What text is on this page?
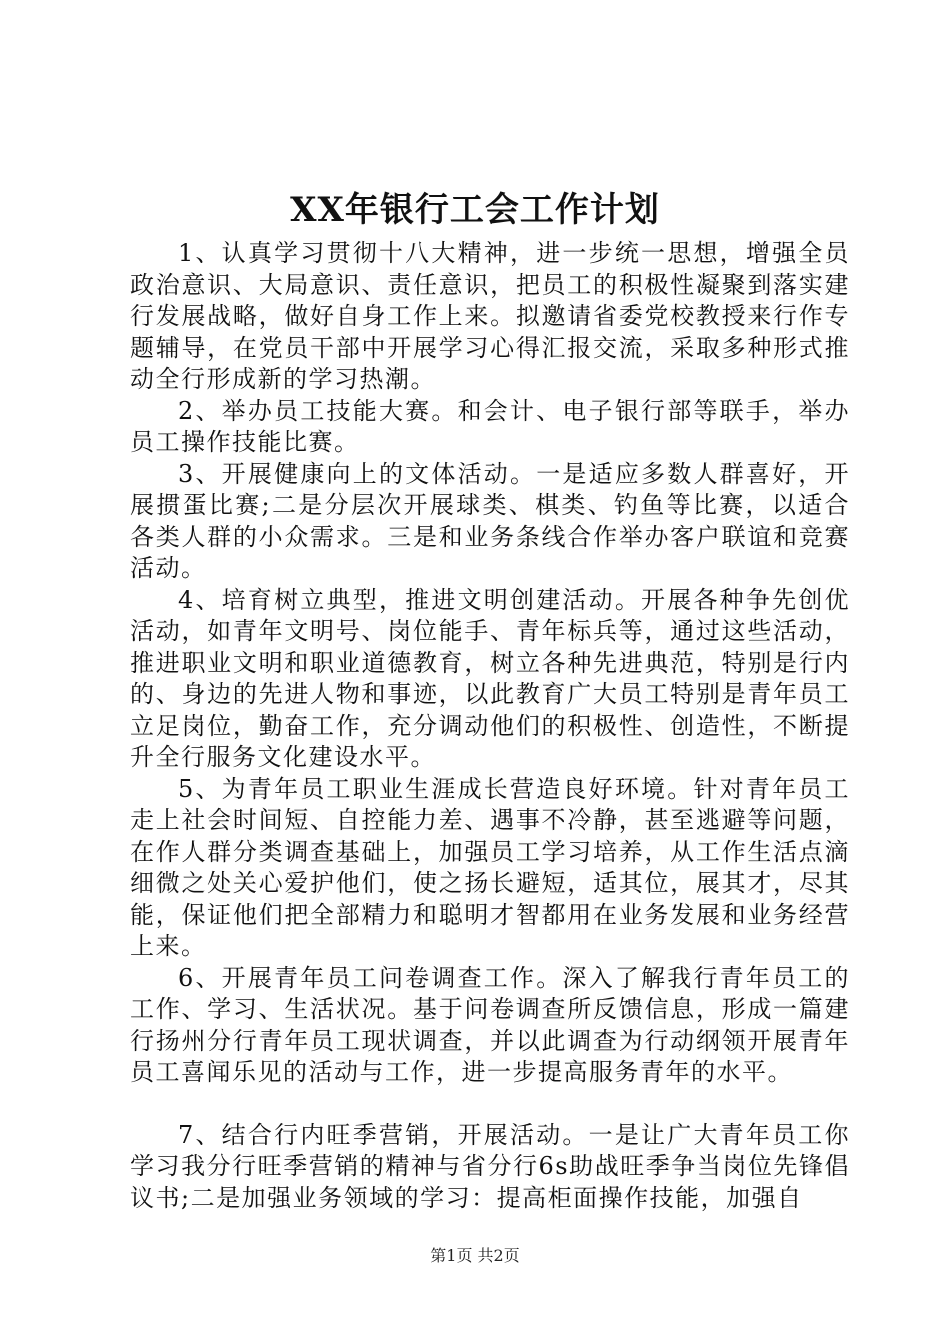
XX年银行工会工作计划

1、认真学习贯彻十八大精神，进一步统一思想，增强全员政治意识、大局意识、责任意识，把员工的积极性凝聚到落实建行发展战略，做好自身工作上来。拟邀请省委党校教授来行作专题辅导，在党员干部中开展学习心得汇报交流，采取多种形式推动全行形成新的学习热潮。

2、举办员工技能大赛。和会计、电子银行部等联手，举办员工操作技能比赛。

3、开展健康向上的文体活动。一是适应多数人群喜好，开展掼蛋比赛;二是分层次开展球类、棋类、钓鱼等比赛，以适合各类人群的小众需求。三是和业务条线合作举办客户联谊和竞赛活动。

4、培育树立典型，推进文明创建活动。开展各种争先创优活动，如青年文明号、岗位能手、青年标兵等，通过这些活动，推进职业文明和职业道德教育，树立各种先进典范，特别是行内的、身边的先进人物和事迹，以此教育广大员工特别是青年员工立足岗位，勤奋工作，充分调动他们的积极性、创造性，不断提升全行服务文化建设水平。

5、为青年员工职业生涯成长营造良好环境。针对青年员工走上社会时间短、自控能力差、遇事不冷静，甚至逃避等问题，在作人群分类调查基础上，加强员工学习培养，从工作生活点滴细微之处关心爱护他们，使之扬长避短，适其位，展其才，尽其能，保证他们把全部精力和聪明才智都用在业务发展和业务经营上来。

6、开展青年员工问卷调查工作。深入了解我行青年员工的工作、学习、生活状况。基于问卷调查所反馈信息，形成一篇建行扬州分行青年员工现状调查，并以此调查为行动纲领开展青年员工喜闻乐见的活动与工作，进一步提高服务青年的水平。

7、结合行内旺季营销，开展活动。一是让广大青年员工你学习我分行旺季营销的精神与省分行6s助战旺季争当岗位先锋倡议书;二是加强业务领域的学习：提高柜面操作技能，加强自

第1页 共2页
